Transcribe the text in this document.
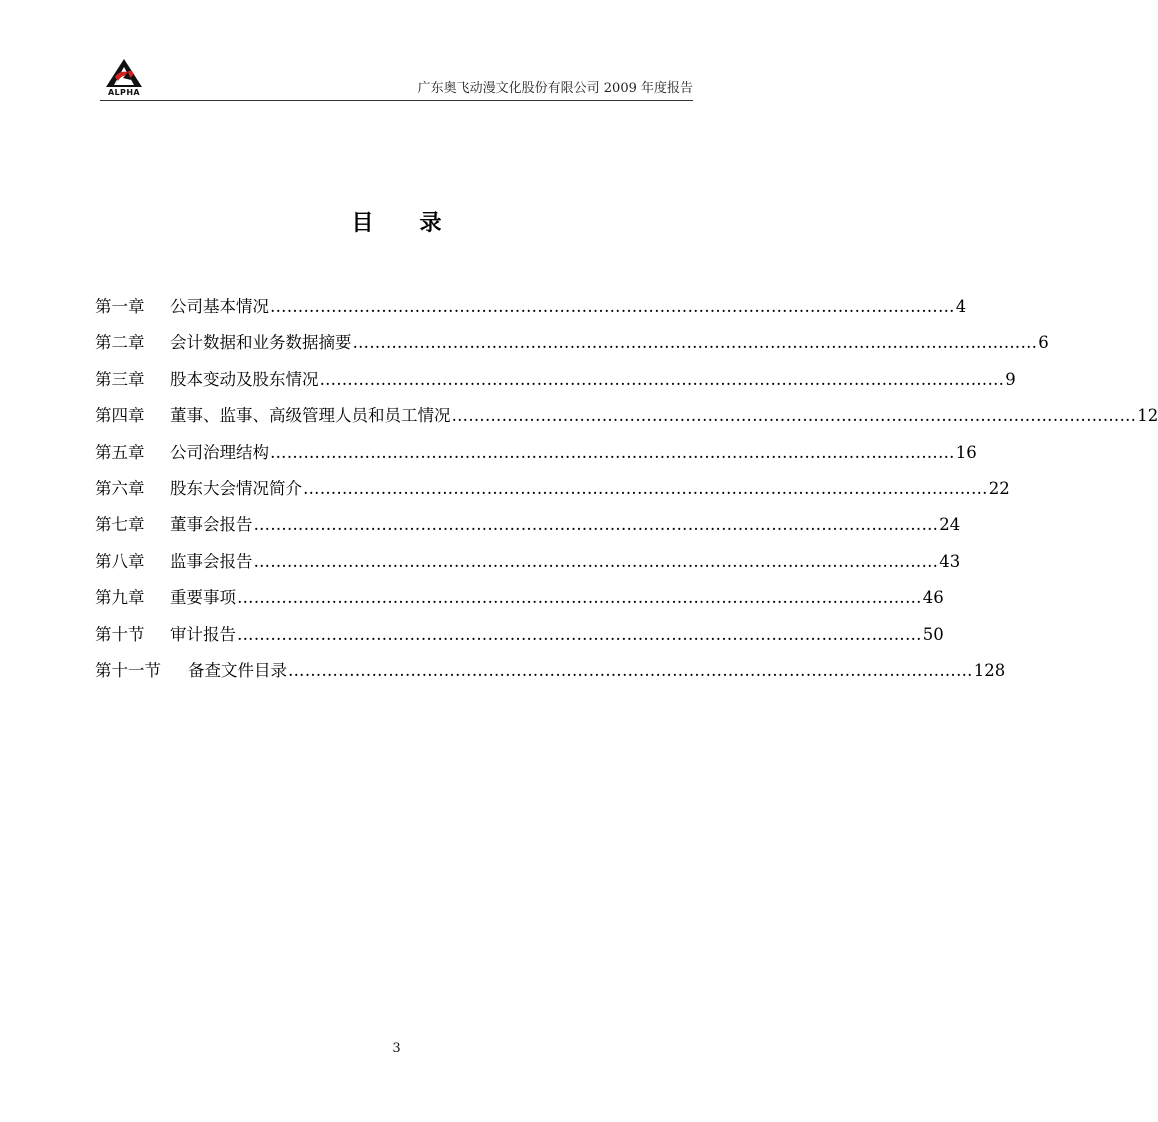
ALPHA	广东奥飞动漫文化股份有限公司 2009 年度报告
目      录
第一章	公司基本情况 …………………………………………………………………………………………………………… 4
第二章	会计数据和业务数据摘要 …………………………………………………………………………………………………………… 6
第三章	股本变动及股东情况 …………………………………………………………………………………………………………… 9
第四章	董事、监事、高级管理人员和员工情况 …………………………………………………………………………………………………………… 12
第五章	公司治理结构 …………………………………………………………………………………………………………… 16
第六章	股东大会情况简介 …………………………………………………………………………………………………………… 22
第七章	董事会报告 …………………………………………………………………………………………………………… 24
第八章	监事会报告 …………………………………………………………………………………………………………… 43
第九章	重要事项 …………………………………………………………………………………………………………… 46
第十节	审计报告 …………………………………………………………………………………………………………… 50
第十一节	备查文件目录 …………………………………………………………………………………………………………… 128
3
